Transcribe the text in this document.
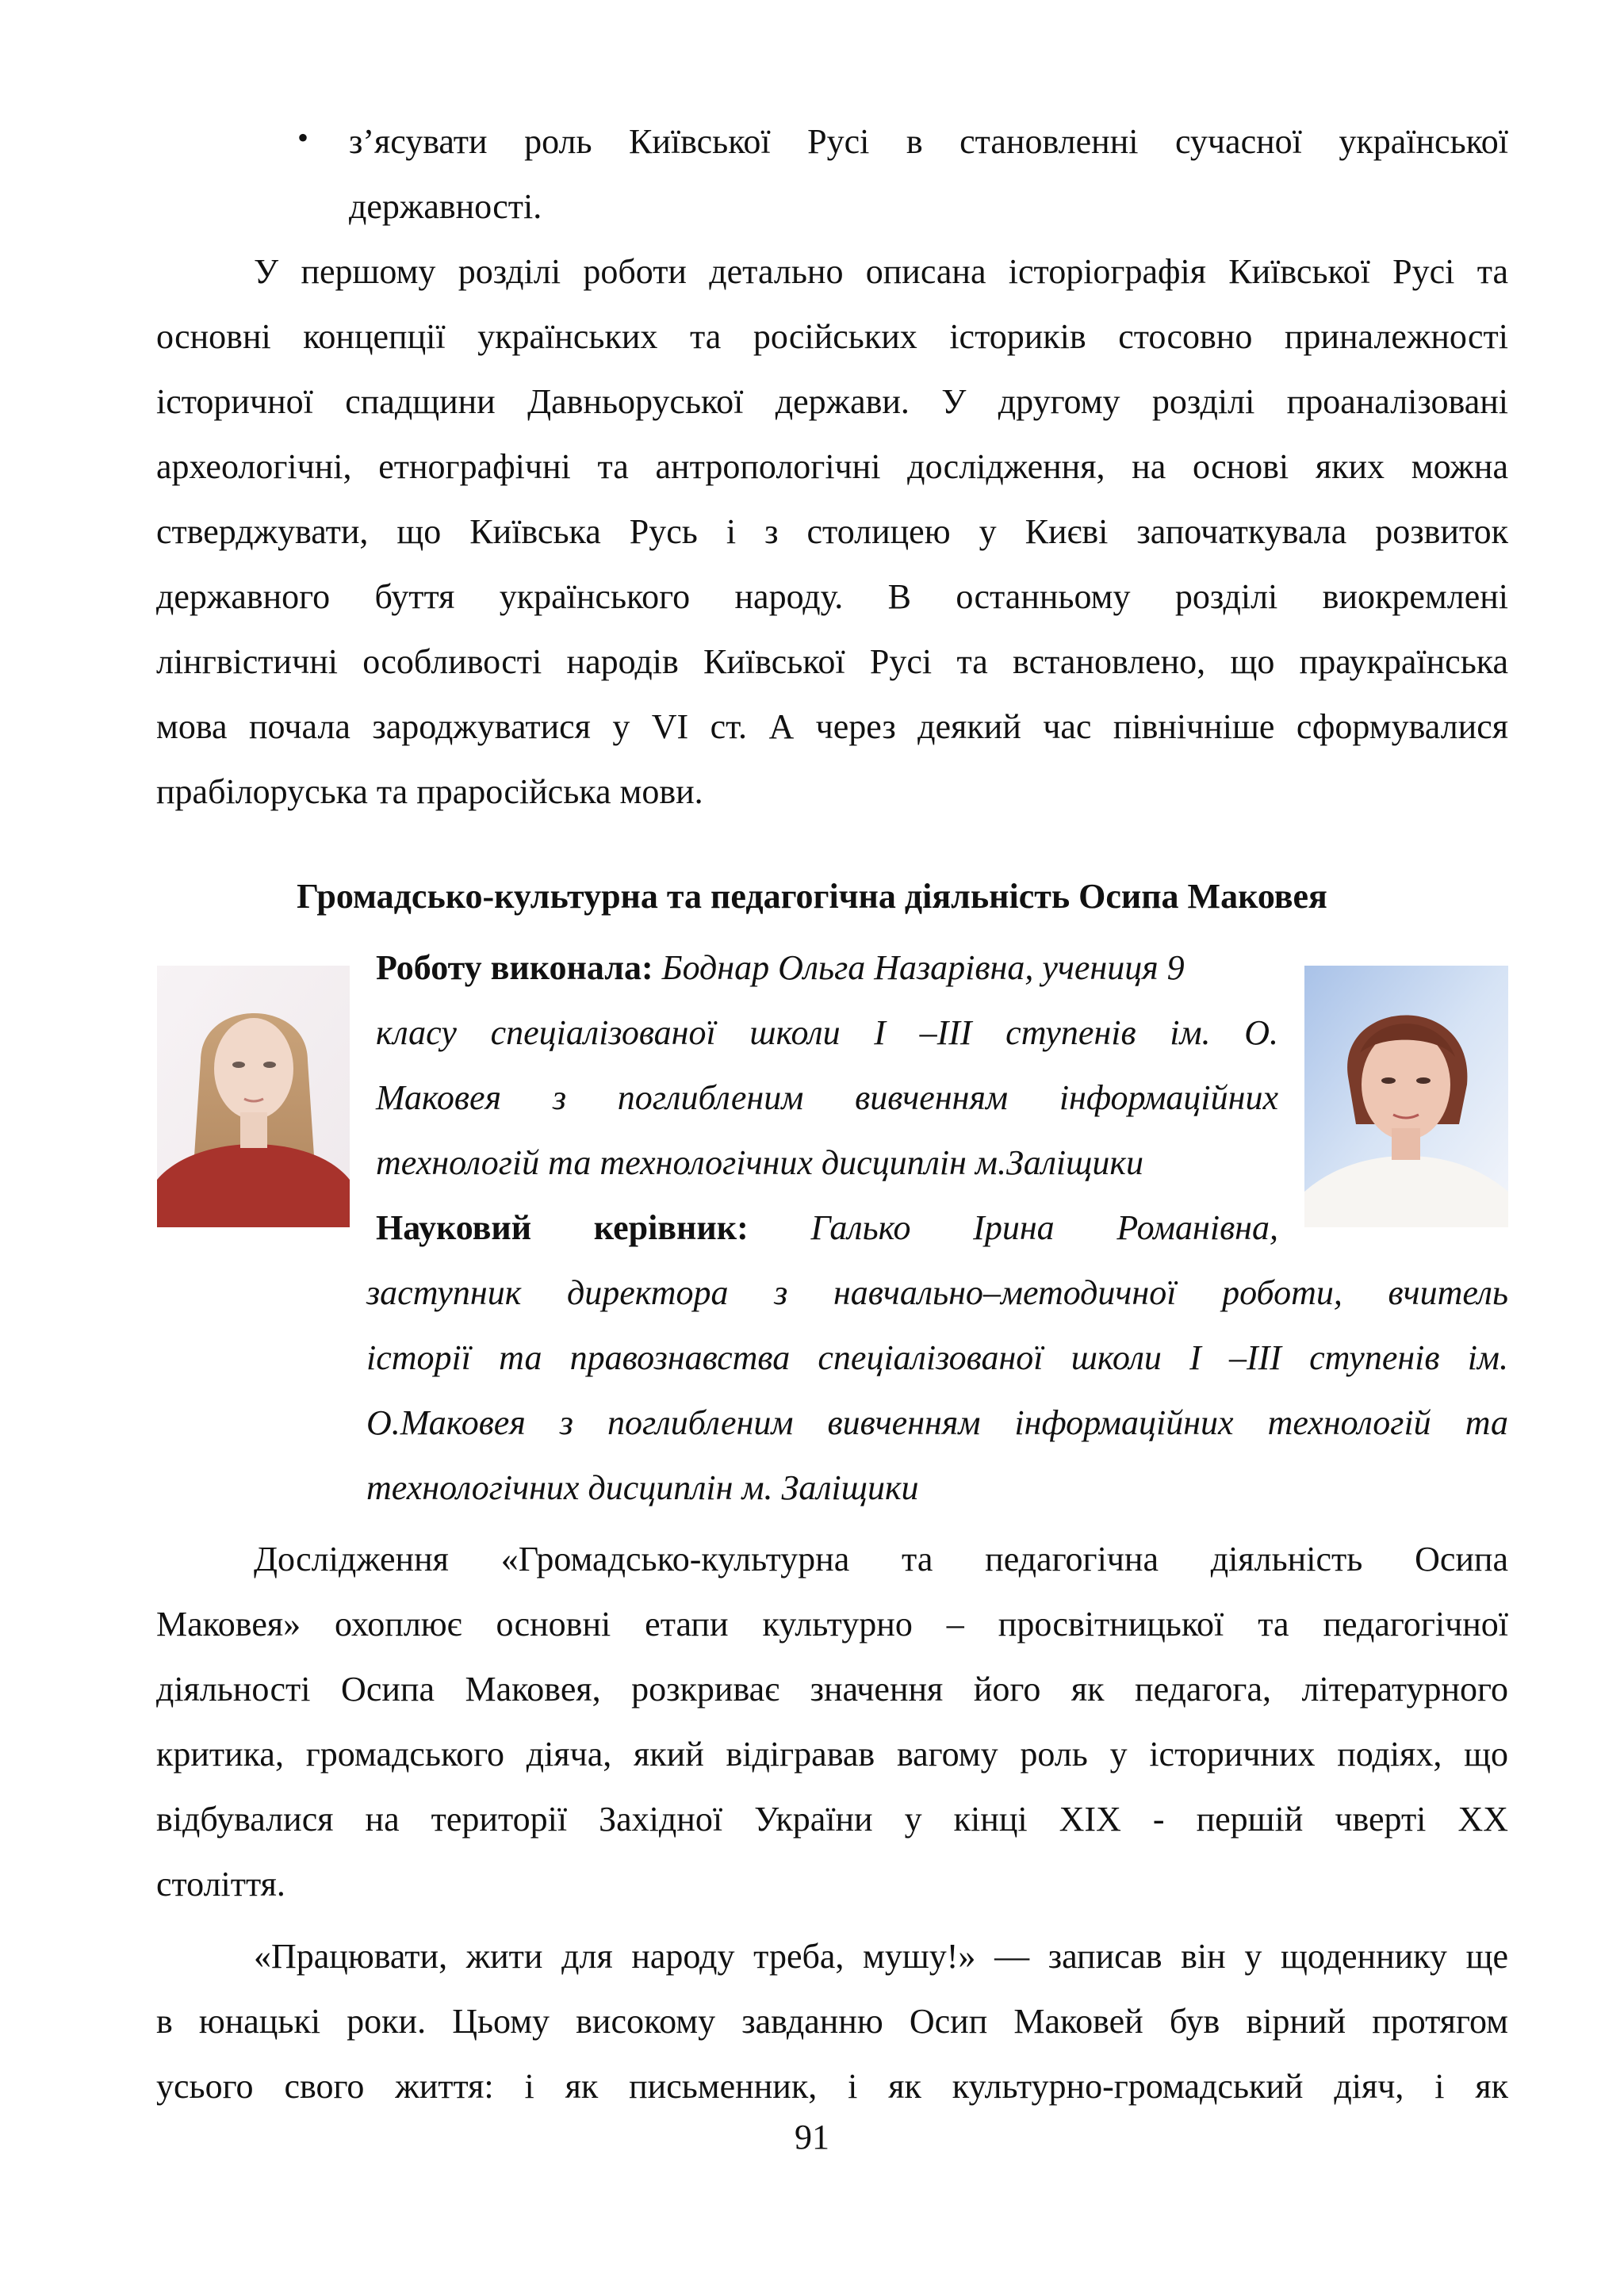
• з’ясувати роль Київської Русі в становленні сучасної української
державності.
У першому розділі роботи детально описана історіографія Київської Русі та
основні концепції українських та російських істориків стосовно приналежності
історичної спадщини Давньоруської держави. У другому розділі проаналізовані
археологічні, етнографічні та антропологічні дослідження, на основі яких можна
стверджувати, що Київська Русь і з столицею у Києві започаткувала розвиток
державного буття українського народу. В останньому розділі виокремлені
лінгвістичні особливості народів Київської Русі та встановлено, що праукраїнська
мова почала зароджуватися у VI ст. А через деякий час північніше сформувалися
прабілоруська та праросійська мови.
Громадсько-культурна та педагогічна діяльність Осипа Маковея
Роботу виконала: Боднар Ольга Назарівна, учениця 9
класу спеціалізованої школи І –ІІІ ступенів ім. О.
Маковея з поглибленим вивченням інформаційних
технологій та технологічних дисциплін м.Заліщики
Науковий керівник: Галько Ірина Романівна,
заступник директора з навчально–методичної роботи, вчитель
історії та правознавства спеціалізованої школи І –ІІІ ступенів ім.
О.Маковея з поглибленим вивченням інформаційних технологій та
технологічних дисциплін м. Заліщики
Дослідження «Громадсько-культурна та педагогічна діяльність Осипа
Маковея» охоплює основні етапи культурно – просвітницької та педагогічної
діяльності Осипа Маковея, розкриває значення його як педагога, літературного
критика, громадського діяча, який відігравав вагому роль у історичних подіях, що
відбувалися на території Західної України у кінці ХІХ - першій чверті ХХ
століття.
«Працювати, жити для народу треба, мушу!» — записав він у щоденнику ще
в юнацькі роки. Цьому високому завданню Осип Маковей був вірний протягом
усього свого життя: і як письменник, і як культурно-громадський діяч, і як
91
